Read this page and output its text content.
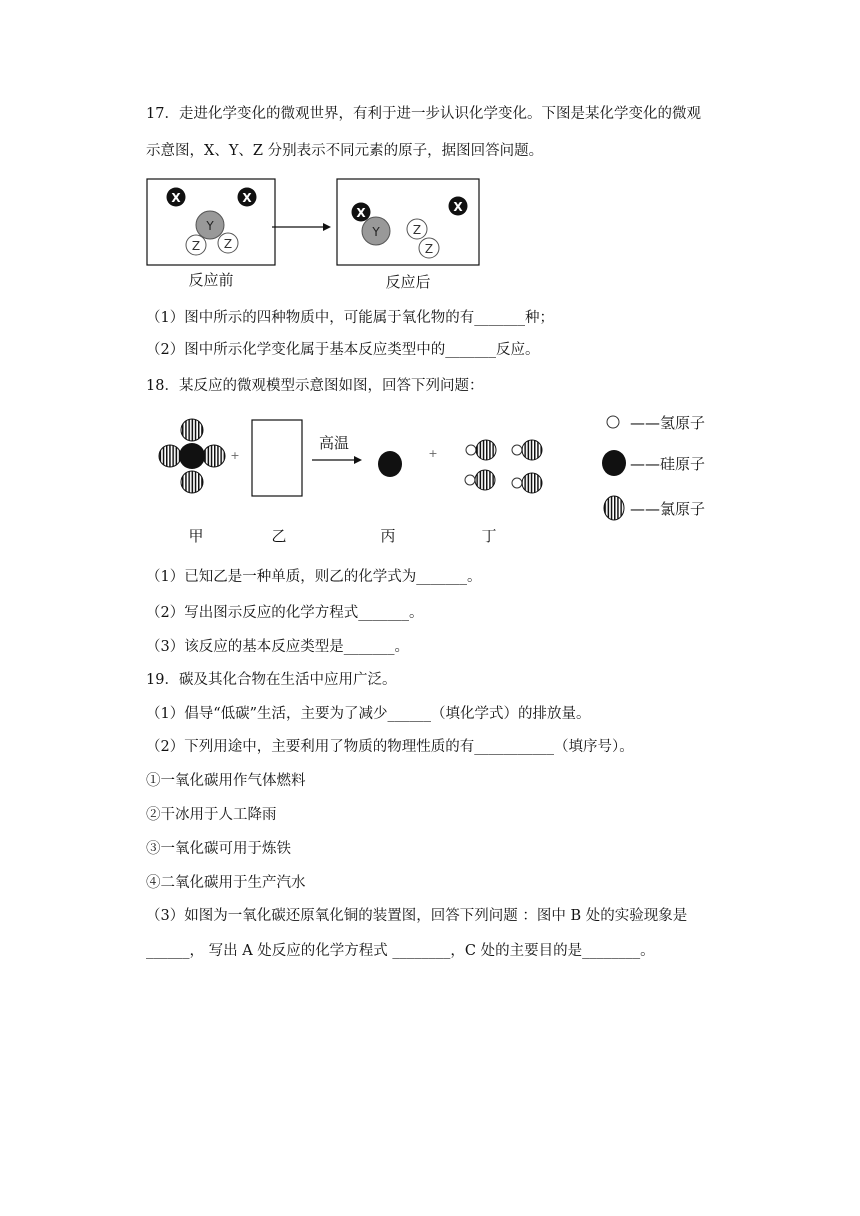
17．走进化学变化的微观世界，有利于进一步认识化学变化。下图是某化学变化的微观
示意图，X、Y、Z 分别表示不同元素的原子，据图回答问题。
X	X
Z Z
Y
X
Y	Z
Z
X
反应前	反应后
（1）图中所示的四种物质中，可能属于氧化物的有_______种；
（2）图中所示化学变化属于基本反应类型中的_______反应。
18．某反应的微观模型示意图如图，回答下列问题：
+
高温
+
——氢原子
——硅原子
——氯原子
甲	乙	丙	丁
（1）已知乙是一种单质，则乙的化学式为_______。
（2）写出图示反应的化学方程式_______。
（3）该反应的基本反应类型是_______。
19．碳及其化合物在生活中应用广泛。
（1）倡导“低碳”生活，主要为了减少______（填化学式）的排放量。
（2）下列用途中，主要利用了物质的物理性质的有___________（填序号）。
①一氧化碳用作气体燃料
②干冰用于人工降雨
③一氧化碳可用于炼铁
④二氧化碳用于生产汽水
（3）如图为一氧化碳还原氧化铜的装置图，回答下列问题 ：图中 B 处的实验现象是
______， 写出 A 处反应的化学方程式 ________，C 处的主要目的是________。
